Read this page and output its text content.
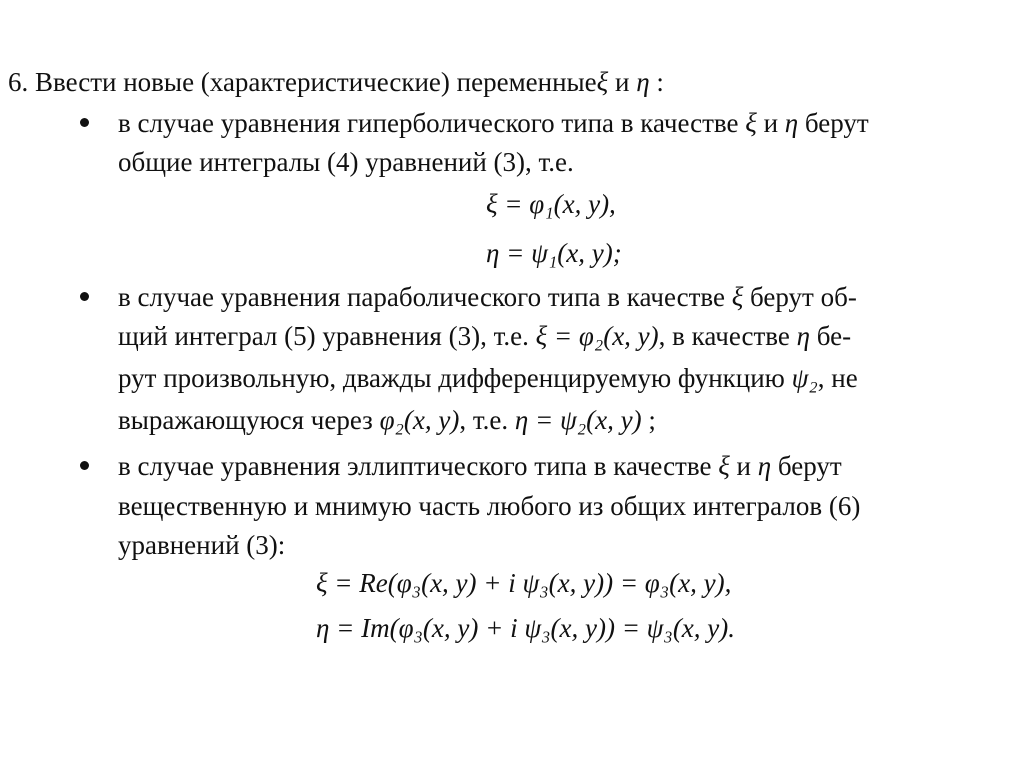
6. Ввести новые (характеристические) переменныеξ и η :
в случае уравнения гиперболического типа в качестве ξ и η берут
общие интегралы (4) уравнений (3), т.е.
ξ = φ₁(x, y),
η = ψ₁(x, y);
в случае уравнения параболического типа в качестве ξ берут об-
щий интеграл (5) уравнения (3), т.е. ξ = φ₂(x, y), в качестве η бе-
рут произвольную, дважды дифференцируемую функцию ψ₂, не
выражающуюся через φ₂(x, y), т.е. η = ψ₂(x, y) ;
в случае уравнения эллиптического типа в качестве ξ и η берут
вещественную и мнимую часть любого из общих интегралов (6)
уравнений (3):
ξ = Re(φ₃(x, y) + i ψ₃(x, y)) = φ₃(x, y),
η = Im(φ₃(x, y) + i ψ₃(x, y)) = ψ₃(x, y).
